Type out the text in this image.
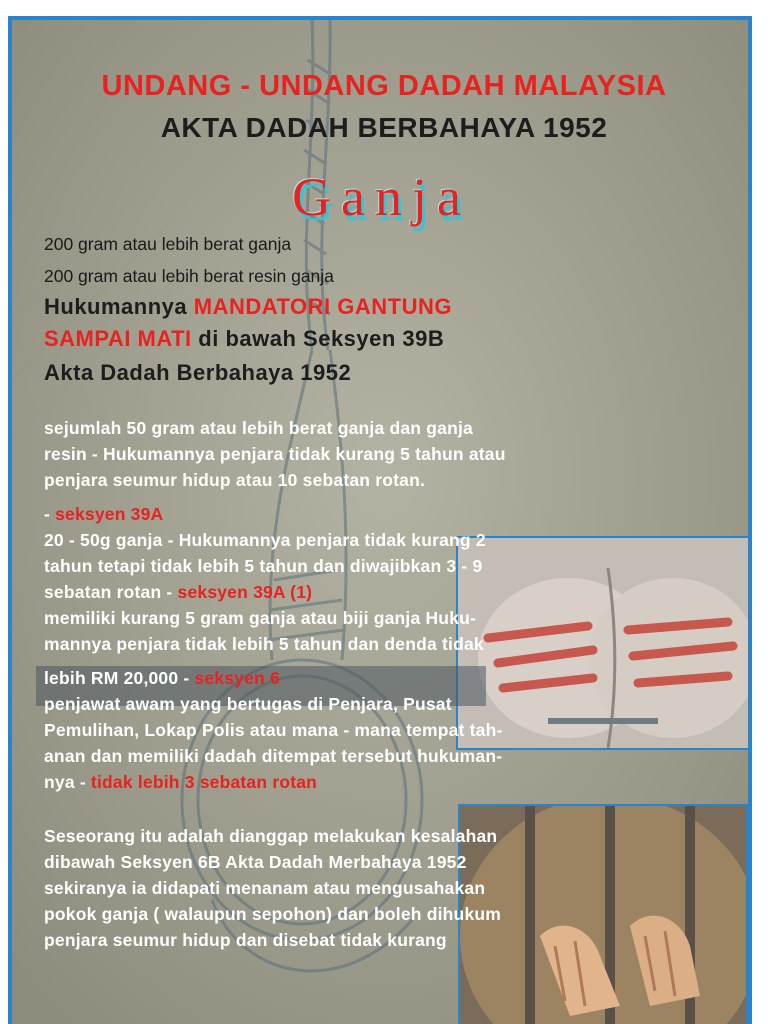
UNDANG - UNDANG DADAH MALAYSIA

AKTA DADAH BERBAHAYA 1952

Ganja

200 gram atau lebih berat ganja

200 gram atau lebih berat resin ganja

Hukumannya MANDATORI GANTUNG

SAMPAI MATI di bawah Seksyen 39B

Akta Dadah Berbahaya 1952

sejumlah 50 gram atau lebih berat ganja dan ganja

resin - Hukumannya penjara tidak kurang 5 tahun atau

penjara seumur hidup atau 10 sebatan rotan.

- seksyen 39A

20 - 50g ganja - Hukumannya penjara tidak kurang 2

tahun tetapi tidak lebih 5 tahun dan diwajibkan 3 - 9

sebatan rotan - seksyen 39A (1)

memiliki kurang 5 gram ganja atau biji ganja Huku-

mannya penjara tidak lebih 5 tahun dan denda tidak

lebih RM 20,000 - seksyen 6

penjawat awam yang bertugas di Penjara, Pusat

Pemulihan, Lokap Polis atau mana - mana tempat tah-

anan dan memiliki dadah ditempat tersebut hukuman-

nya - tidak lebih 3 sebatan rotan

Seseorang itu adalah dianggap melakukan kesalahan

dibawah Seksyen 6B Akta Dadah Merbahaya 1952

sekiranya ia didapati menanam atau mengusahakan

pokok ganja ( walaupun sepohon) dan boleh dihukum

penjara seumur hidup dan disebat tidak kurang
